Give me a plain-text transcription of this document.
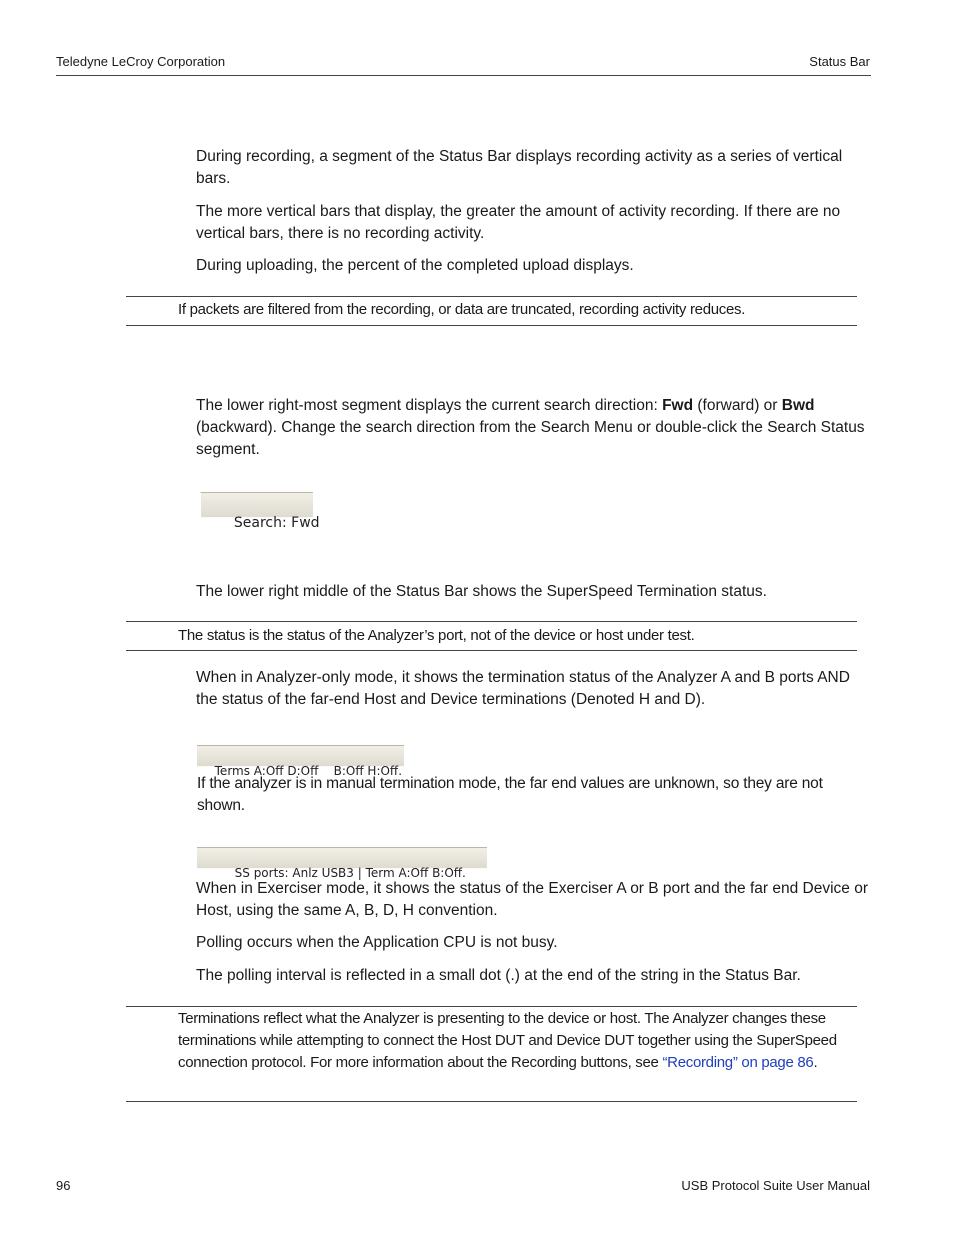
Teledyne LeCroy Corporation	Status Bar
During recording, a segment of the Status Bar displays recording activity as a series of vertical bars.
The more vertical bars that display, the greater the amount of activity recording. If there are no vertical bars, there is no recording activity.
During uploading, the percent of the completed upload displays.
If packets are filtered from the recording, or data are truncated, recording activity reduces.
The lower right-most segment displays the current search direction: Fwd (forward) or Bwd (backward). Change the search direction from the Search Menu or double-click the Search Status segment.

Search: Fwd

The lower right middle of the Status Bar shows the SuperSpeed Termination status.
The status is the status of the Analyzer’s port, not of the device or host under test.
When in Analyzer-only mode, it shows the termination status of the Analyzer A and B ports AND the status of the far-end Host and Device terminations (Denoted H and D).

Terms A:Off D:Off    B:Off H:Off.

If the analyzer is in manual termination mode, the far end values are unknown, so they are not shown.

SS ports: Anlz USB3 | Term A:Off B:Off.

When in Exerciser mode, it shows the status of the Exerciser A or B port and the far end Device or Host, using the same A, B, D, H convention.
Polling occurs when the Application CPU is not busy.
The polling interval is reflected in a small dot (.) at the end of the string in the Status Bar.
Terminations reflect what the Analyzer is presenting to the device or host. The Analyzer changes these terminations while attempting to connect the Host DUT and Device DUT together using the SuperSpeed connection protocol. For more information about the Recording buttons, see “Recording” on page 86.
96	USB Protocol Suite User Manual
